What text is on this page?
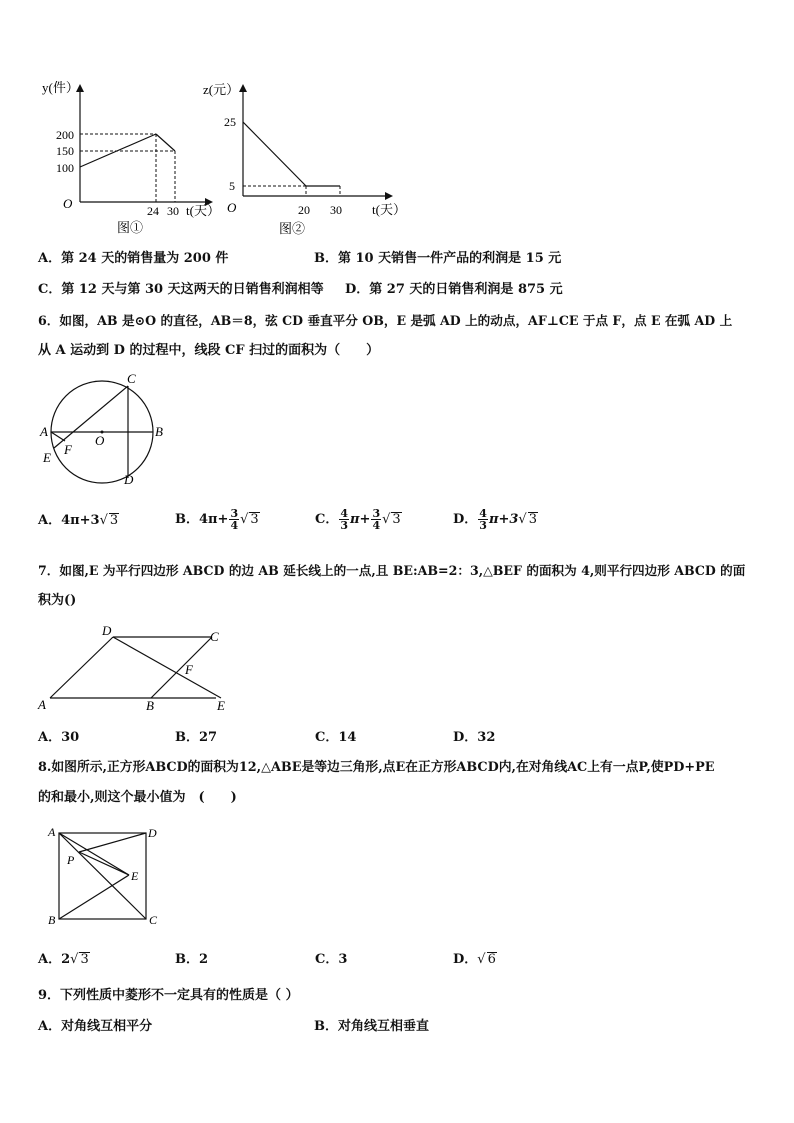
y(件）
200
150
100
O	24 30 t(天）
图①
z(元）
25
5
O	20 30 t(天）
图②
A．第 24 天的销售量为 200 件	B．第 10 天销售一件产品的利润是 15 元
C．第 12 天与第 30 天这两天的日销售利润相等 D．第 27 天的日销售利润是 875 元
6．如图，AB 是⊙O 的直径，AB＝8，弦 CD 垂直平分 OB，E 是弧 AD 上的动点，AF⊥CE 于点 F，点 E 在弧 AD 上
从 A 运动到 D 的过程中，线段 CF 扫过的面积为（　　）
C
A
O
B
E
F
D
A．4π+3√ 3	B．$4\pi+ \frac{3}{4}$ √ 3	C． $\frac{4}{3} \pi+ \frac{3}{4}$ √ 3	D． $\frac{4}{3} \pi+3√$ 3
7．如图,E 为平行四边形 ABCD 的边 AB 延长线上的一点,且 BE:AB=2：3,△BEF 的面积为 4,则平行四边形 ABCD 的面
积为()
D	C
F
A	B	E
A．30	B．27	C．14	D．32
8.如图所示,正方形ABCD的面积为12,△ABE是等边三角形,点E在正方形ABCD内,在对角线AC上有一点P,使PD+PE
的和最小,则这个最小值为　(　　)
A	D
P
E
B	C
A．2√ 3	B．2	C．3	D．√ 6
9．下列性质中菱形不一定具有的性质是（ ）
A．对角线互相平分	B．对角线互相垂直
